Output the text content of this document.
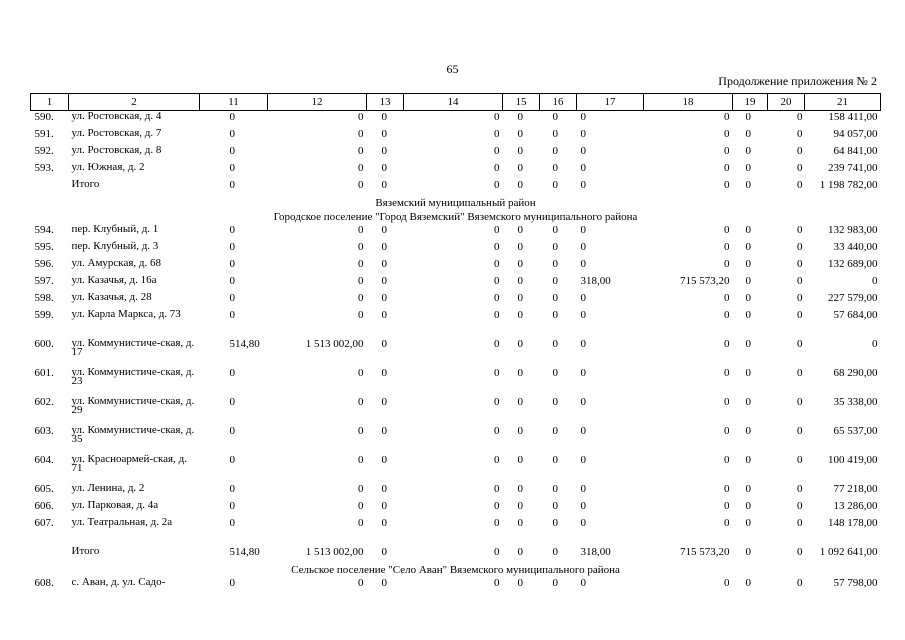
65
Продолжение приложения № 2
1	2	11	12	13	14	15	16	17	18	19	20	21
590.	ул. Ростовская, д. 4	0	0	0	0	0	0	0	0	0	0	158 411,00
591.	ул. Ростовская, д. 7	0	0	0	0	0	0	0	0	0	0	94 057,00
592.	ул. Ростовская, д. 8	0	0	0	0	0	0	0	0	0	0	64 841,00
593.	ул. Южная, д. 2	0	0	0	0	0	0	0	0	0	0	239 741,00
	Итого	0	0	0	0	0	0	0	0	0	0	1 198 782,00
Вяземский муниципальный район												
Городское поселение "Город Вяземский" Вяземского муниципального района												
594.	пер. Клубный, д. 1	0	0	0	0	0	0	0	0	0	0	132 983,00
595.	пер. Клубный, д. 3	0	0	0	0	0	0	0	0	0	0	33 440,00
596.	ул. Амурская, д. 68	0	0	0	0	0	0	0	0	0	0	132 689,00
597.	ул. Казачья, д. 16а	0	0	0	0	0	0	318,00	715 573,20	0	0	0
598.	ул. Казачья, д. 28	0	0	0	0	0	0	0	0	0	0	227 579,00
599.	ул. Карла Маркса, д. 73	0	0	0	0	0	0	0	0	0	0	57 684,00
600.	ул. Коммунистиче-ская, д. 17	514,80	1 513 002,00	0	0	0	0	0	0	0	0	0
601.	ул. Коммунистиче-ская, д. 23	0	0	0	0	0	0	0	0	0	0	68 290,00
602.	ул. Коммунистиче-ская, д. 29	0	0	0	0	0	0	0	0	0	0	35 338,00
603.	ул. Коммунистиче-ская, д. 35	0	0	0	0	0	0	0	0	0	0	65 537,00
604.	ул. Красноармей-ская, д. 71	0	0	0	0	0	0	0	0	0	0	100 419,00
605.	ул. Ленина, д. 2	0	0	0	0	0	0	0	0	0	0	77 218,00
606.	ул. Парковая, д. 4а	0	0	0	0	0	0	0	0	0	0	13 286,00
607.	ул. Театральная, д. 2а	0	0	0	0	0	0	0	0	0	0	148 178,00
	Итого	514,80	1 513 002,00	0	0	0	0	318,00	715 573,20	0	0	1 092 641,00
Сельское поселение "Село Аван" Вяземского муниципального района												
608.	с. Аван, д. ул. Садо-	0	0	0	0	0	0	0	0	0	0	57 798,00
